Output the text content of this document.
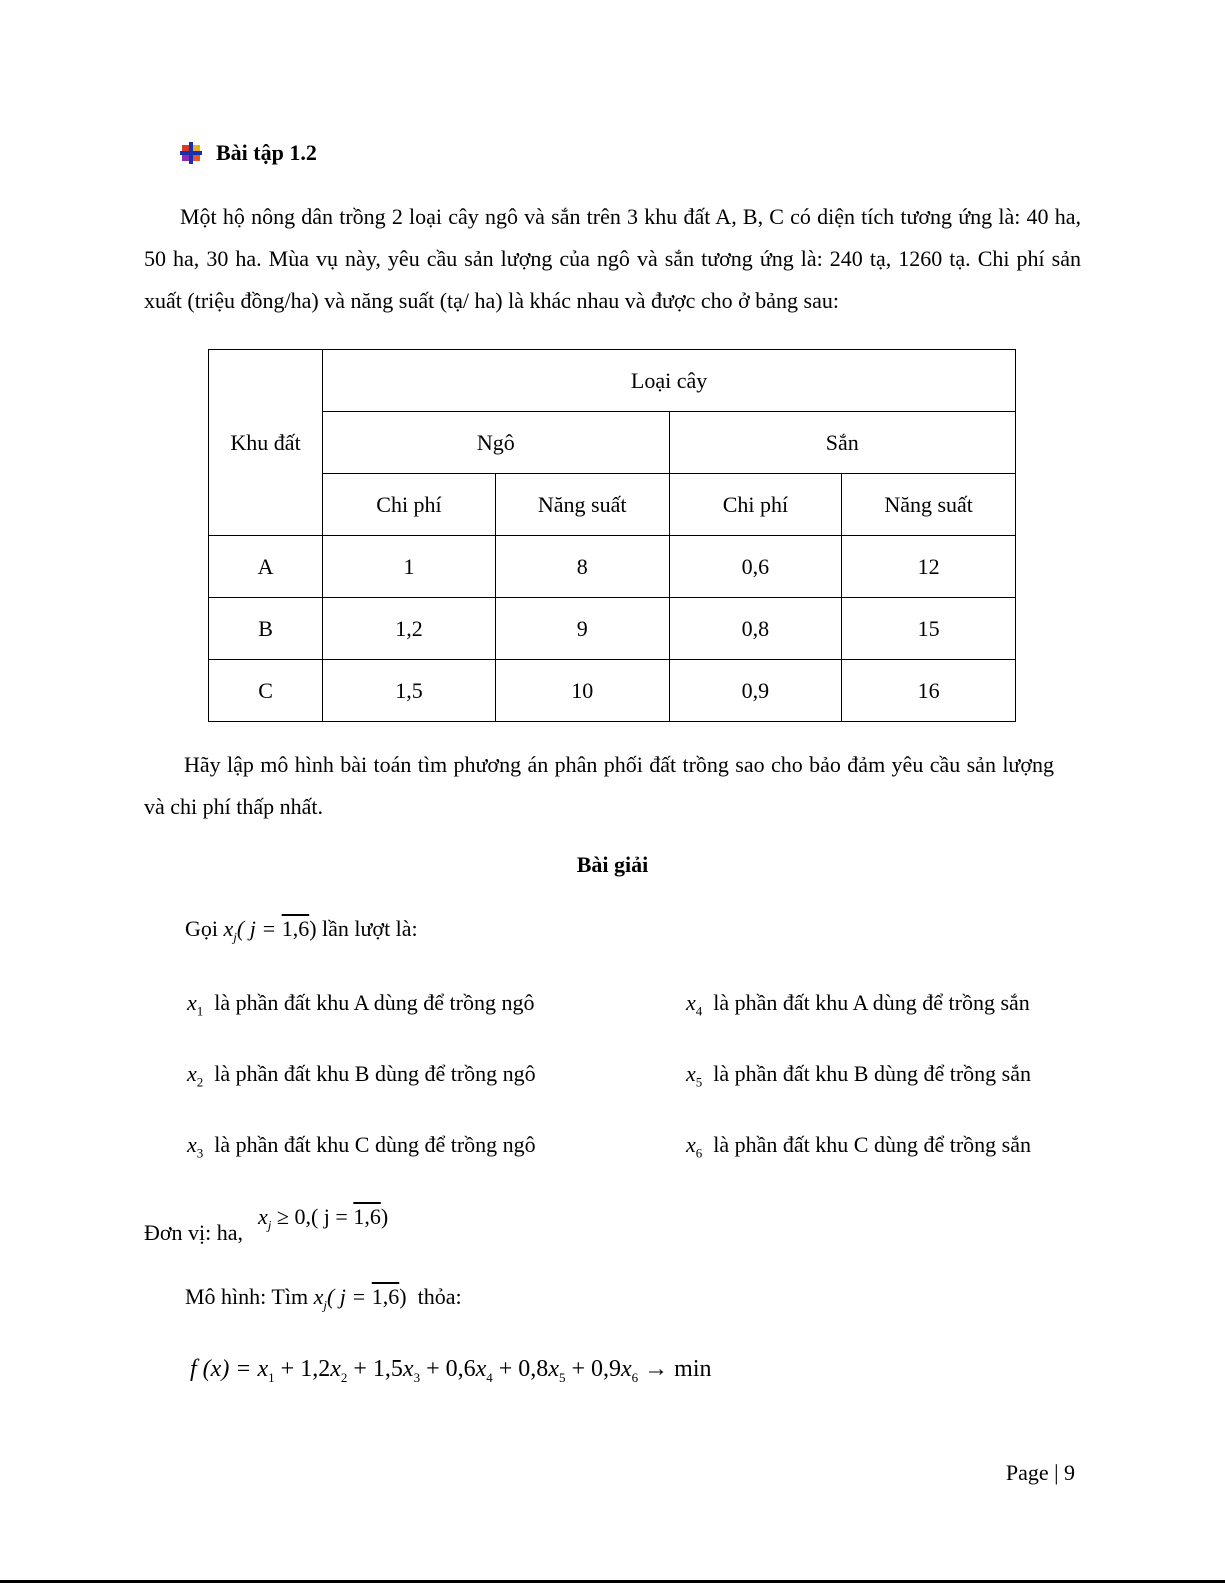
Bài tập 1.2
Một hộ nông dân trồng 2 loại cây ngô và sắn trên 3 khu đất A, B, C có diện tích tương ứng là: 40 ha, 50 ha, 30 ha. Mùa vụ này, yêu cầu sản lượng của ngô và sắn tương ứng là: 240 tạ, 1260 tạ. Chi phí sản xuất (triệu đồng/ha) và năng suất (tạ/ ha) là khác nhau và được cho ở bảng sau:
Khu đất	Loại cây			
	Ngô		Sắn	
	Chi phí	Năng suất	Chi phí	Năng suất
A	1	8	0,6	12
B	1,2	9	0,8	15
C	1,5	10	0,9	16
Hãy lập mô hình bài toán tìm phương án phân phối đất trồng sao cho bảo đảm yêu cầu sản lượng và chi phí thấp nhất.
Bài giải
Gọi $x_j$( j = 1,6) lần lượt là:
$x_1$ là phần đất khu A dùng để trồng ngô	$x_4$ là phần đất khu A dùng để trồng sắn
$x_2$ là phần đất khu B dùng để trồng ngô	$x_5$ là phần đất khu B dùng để trồng sắn
$x_3$ là phần đất khu C dùng để trồng ngô	$x_6$ là phần đất khu C dùng để trồng sắn
Đơn vị: ha,
$x_j \ge 0$,( j = 1,6)
Mô hình: Tìm $x_j$( j = 1,6) thỏa:
f $(x) = x_1 + 1,2x_2 + 1,5x_3 + 0,6x_4 + 0,8x_5 + 0,9x_6 \to \min$
Page | 9
